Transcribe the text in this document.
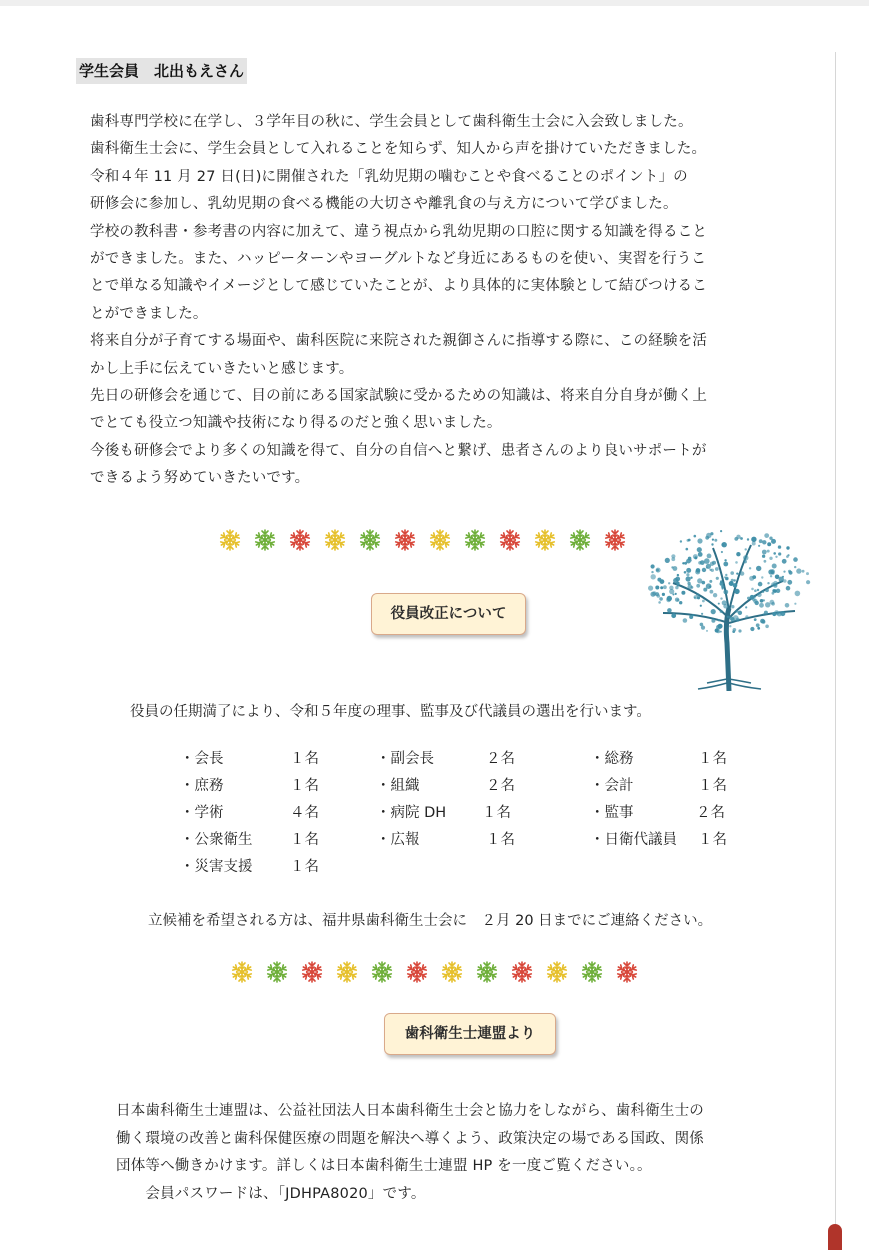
学生会員　北出もえさん
歯科専門学校に在学し、３学年目の秋に、学生会員として歯科衛生士会に入会致しました。
歯科衛生士会に、学生会員として入れることを知らず、知人から声を掛けていただきました。
令和４年 11 月 27 日(日)に開催された「乳幼児期の噛むことや食べることのポイント」の
研修会に参加し、乳幼児期の食べる機能の大切さや離乳食の与え方について学びました。
学校の教科書・参考書の内容に加えて、違う視点から乳幼児期の口腔に関する知識を得ること
ができました。また、ハッピーターンやヨーグルトなど身近にあるものを使い、実習を行うこ
とで単なる知識やイメージとして感じていたことが、より具体的に実体験として結びつけるこ
とができました。
将来自分が子育てする場面や、歯科医院に来院された親御さんに指導する際に、この経験を活
かし上手に伝えていきたいと感じます。
先日の研修会を通じて、目の前にある国家試験に受かるための知識は、将来自分自身が働く上
でとても役立つ知識や技術になり得るのだと強く思いました。
今後も研修会でより多くの知識を得て、自分の自信へと繋げ、患者さんのより良いサポートが
できるよう努めていきたいです。
役員改正について
役員の任期満了により、令和５年度の理事、監事及び代議員の選出を行います。
・会長	１名	・副会長	２名	・総務	１名
・庶務	１名	・組織	２名	・会計	１名
・学術	４名	・病院 DH １名	・監事	２名
・公衆衛生	１名	・広報	１名	・日衛代議員 １名
・災害支援	１名
立候補を希望される方は、福井県歯科衛生士会に　２月 20 日までにご連絡ください。
歯科衛生士連盟より
日本歯科衛生士連盟は、公益社団法人日本歯科衛生士会と協力をしながら、歯科衛生士の
働く環境の改善と歯科保健医療の問題を解決へ導くよう、政策決定の場である国政、関係
団体等へ働きかけます。詳しくは日本歯科衛生士連盟 HP を一度ご覧ください。。
　　会員パスワードは、「JDHPA8020」です。
